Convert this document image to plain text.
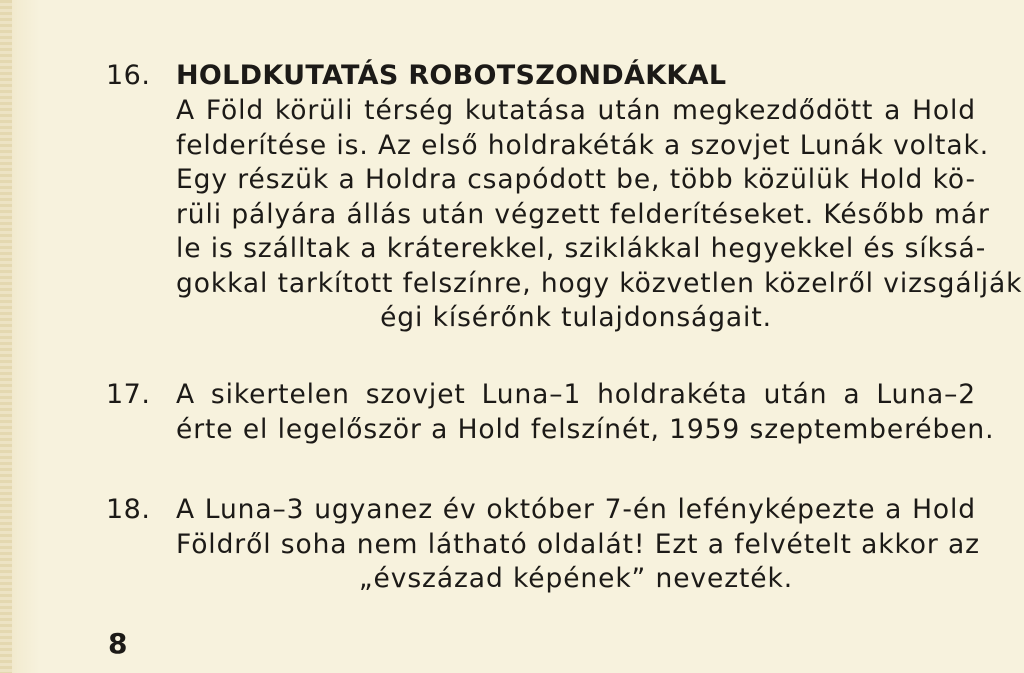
16. HOLDKUTATÁS ROBOTSZONDÁKKAL
A Föld körüli térség kutatása után megkezdődött a Hold
felderítése is. Az első holdrakéták a szovjet Lunák voltak.
Egy részük a Holdra csapódott be, több közülük Hold kö-
rüli pályára állás után végzett felderítéseket. Később már
le is szálltak a kráterekkel, sziklákkal hegyekkel és síksá-
gokkal tarkított felszínre, hogy közvetlen közelről vizsgálják
égi kísérőnk tulajdonságait.
17. A sikertelen szovjet Luna–1 holdrakéta után a Luna–2
érte el legelőször a Hold felszínét, 1959 szeptemberében.
18. A Luna–3 ugyanez év október 7-én lefényképezte a Hold
Földről soha nem látható oldalát! Ezt a felvételt akkor az
„évszázad képének” nevezték.
8
